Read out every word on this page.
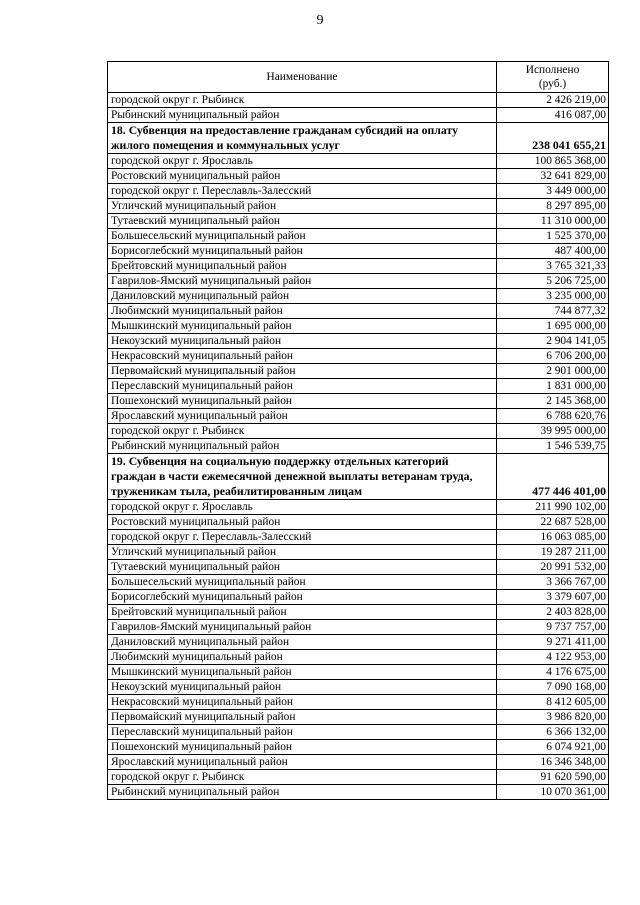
9
Наименование	Исполнено
(руб.)
городской округ г. Рыбинск	2 426 219,00
Рыбинский муниципальный район	416 087,00
18. Субвенция на предоставление гражданам субсидий на оплату жилого помещения и коммунальных услуг	238 041 655,21
городской округ г. Ярославль	100 865 368,00
Ростовский муниципальный район	32 641 829,00
городской округ г. Переславль-Залесский	3 449 000,00
Угличский муниципальный район	8 297 895,00
Тутаевский муниципальный район	11 310 000,00
Большесельский муниципальный район	1 525 370,00
Борисоглебский муниципальный район	487 400,00
Брейтовский муниципальный район	3 765 321,33
Гаврилов-Ямский муниципальный район	5 206 725,00
Даниловский муниципальный район	3 235 000,00
Любимский муниципальный район	744 877,32
Мышкинский муниципальный район	1 695 000,00
Некоузский муниципальный район	2 904 141,05
Некрасовский муниципальный район	6 706 200,00
Первомайский муниципальный район	2 901 000,00
Переславский муниципальный район	1 831 000,00
Пошехонский муниципальный район	2 145 368,00
Ярославский муниципальный район	6 788 620,76
городской округ г. Рыбинск	39 995 000,00
Рыбинский муниципальный район	1 546 539,75
19. Субвенция на социальную поддержку отдельных категорий граждан в части ежемесячной денежной выплаты ветеранам труда, труженикам тыла, реабилитированным лицам	477 446 401,00
городской округ г. Ярославль	211 990 102,00
Ростовский муниципальный район	22 687 528,00
городской округ г. Переславль-Залесский	16 063 085,00
Угличский муниципальный район	19 287 211,00
Тутаевский муниципальный район	20 991 532,00
Большесельский муниципальный район	3 366 767,00
Борисоглебский муниципальный район	3 379 607,00
Брейтовский муниципальный район	2 403 828,00
Гаврилов-Ямский муниципальный район	9 737 757,00
Даниловский муниципальный район	9 271 411,00
Любимский муниципальный район	4 122 953,00
Мышкинский муниципальный район	4 176 675,00
Некоузский муниципальный район	7 090 168,00
Некрасовский муниципальный район	8 412 605,00
Первомайский муниципальный район	3 986 820,00
Переславский муниципальный район	6 366 132,00
Пошехонский муниципальный район	6 074 921,00
Ярославский муниципальный район	16 346 348,00
городской округ г. Рыбинск	91 620 590,00
Рыбинский муниципальный район	10 070 361,00
